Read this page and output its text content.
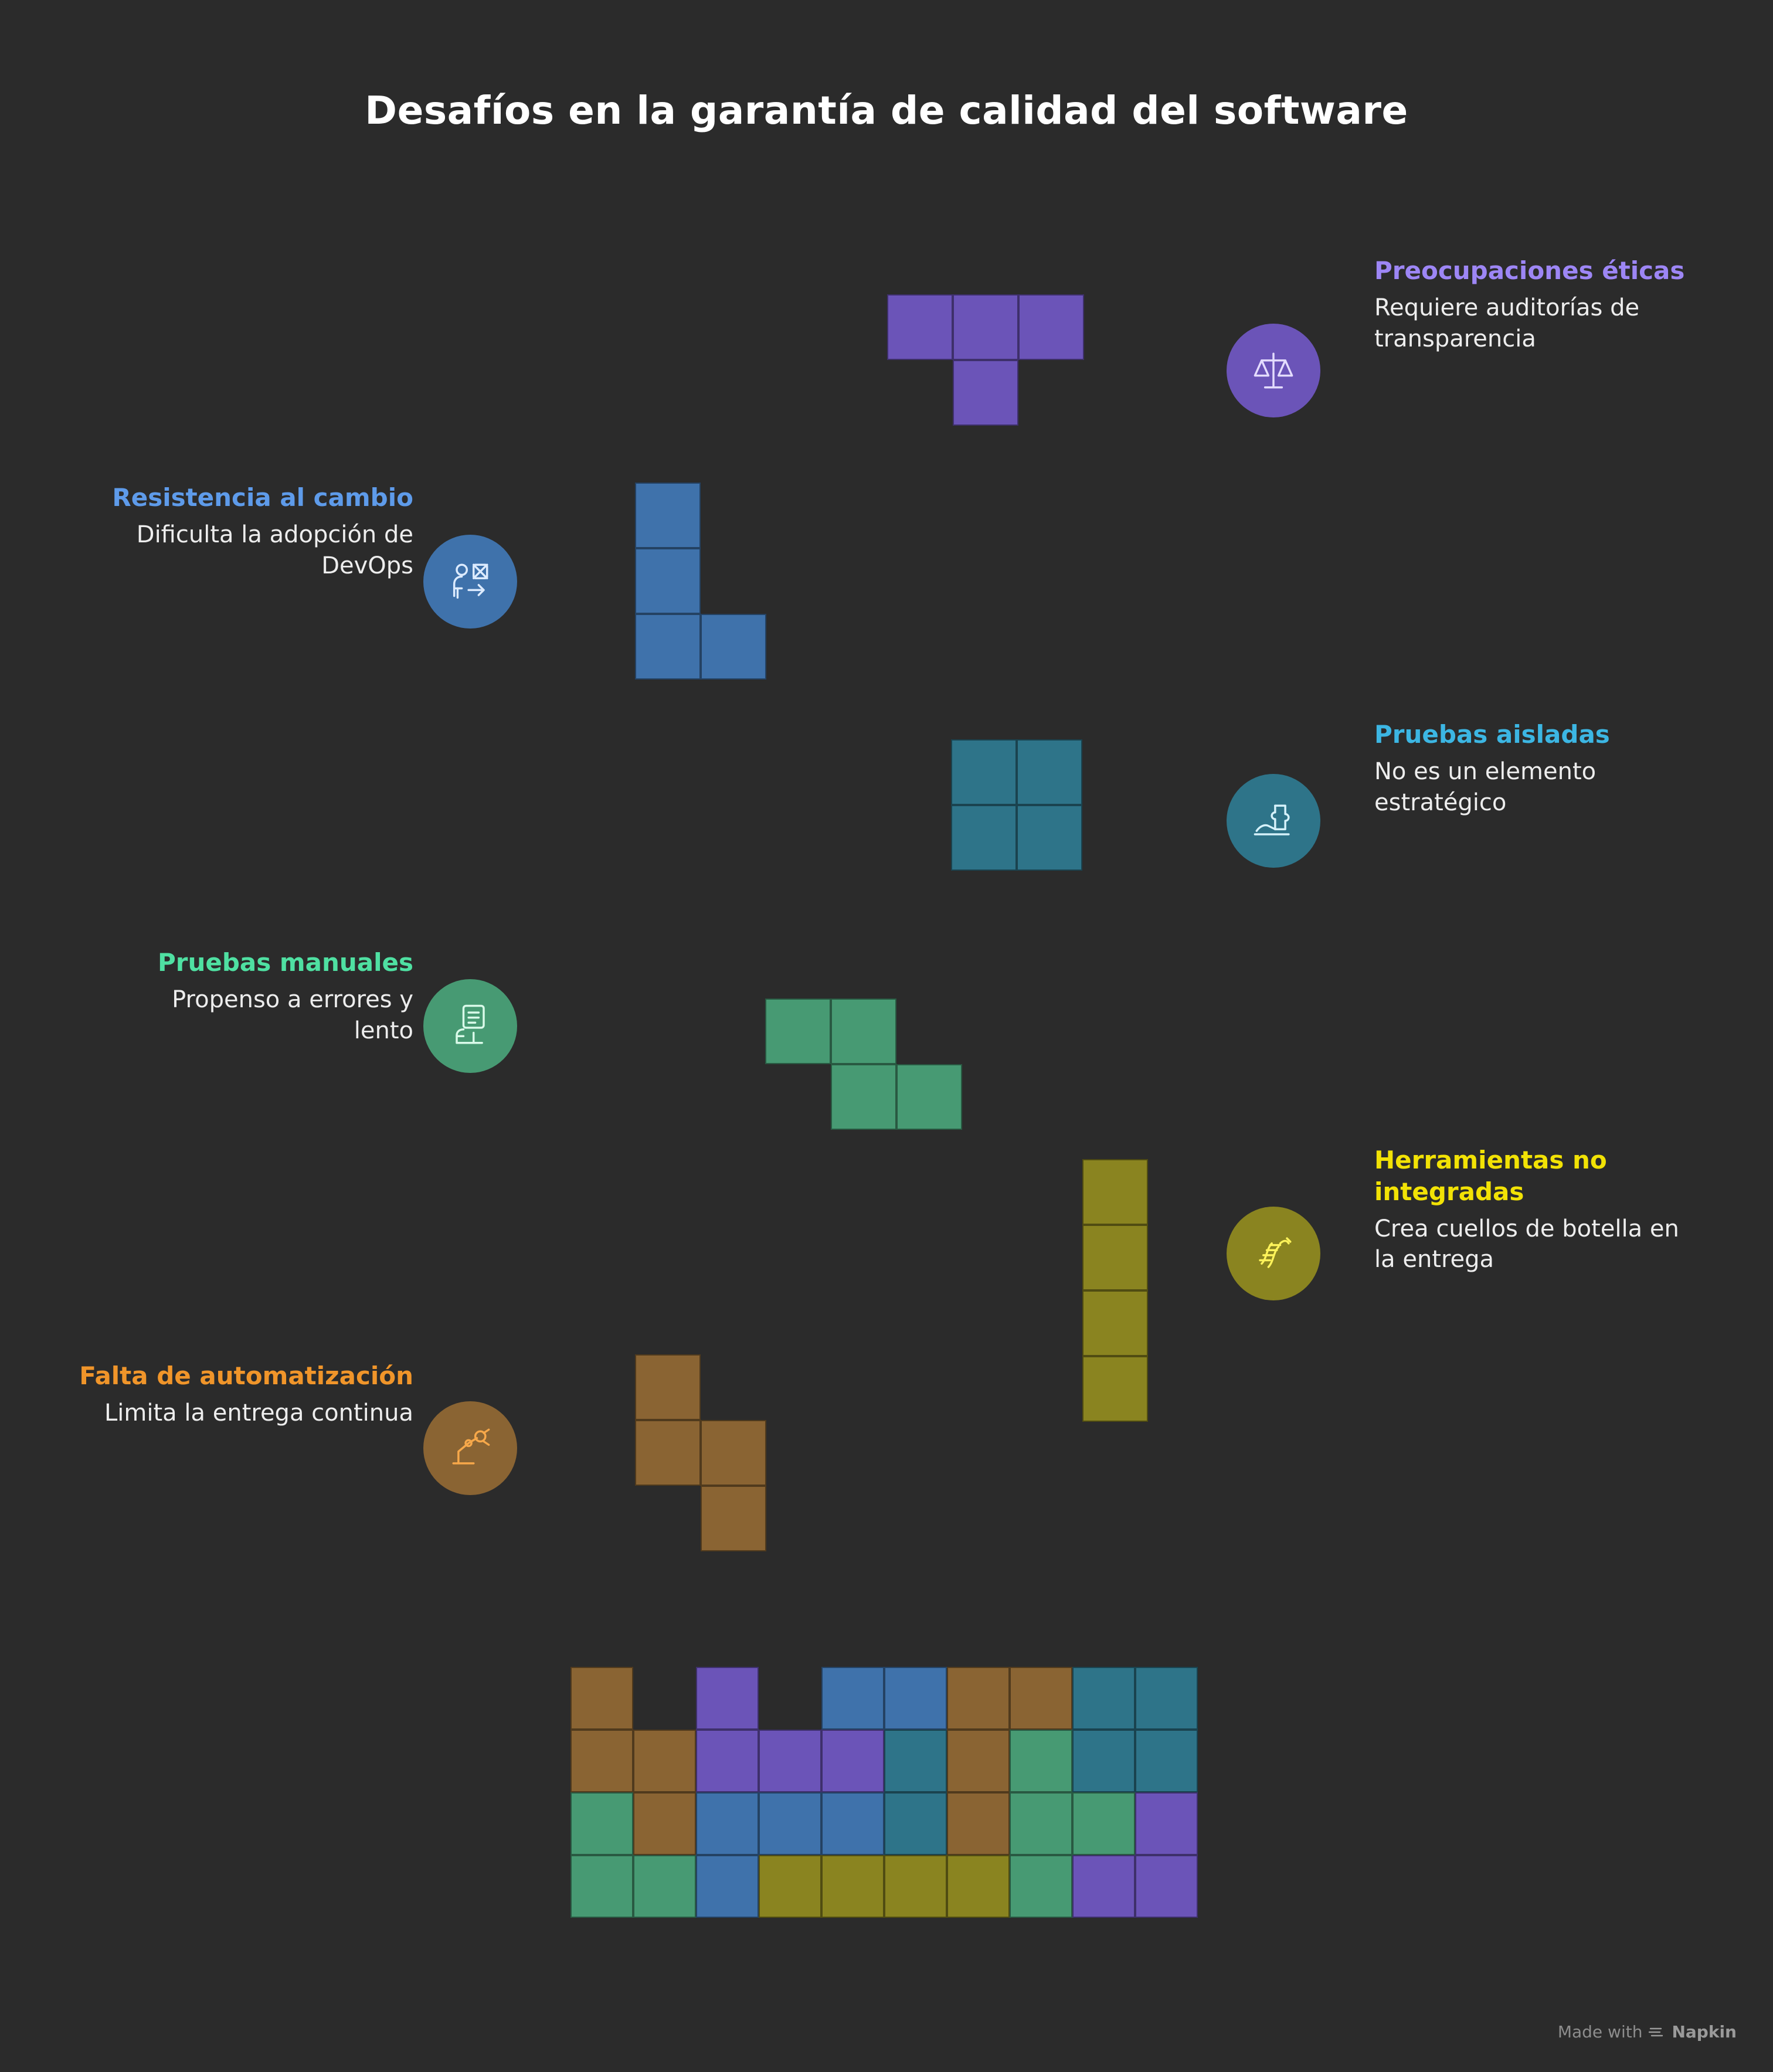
Desafíos en la garantía de calidad del software
Preocupaciones éticas
Requiere auditorías de transparencia
Resistencia al cambio
Dificulta la adopción de DevOps
Pruebas aisladas
No es un elemento estratégico
Pruebas manuales
Propenso a errores y lento
Herramientas no integradas
Crea cuellos de botella en la entrega
Falta de automatización
Limita la entrega continua
Made with Napkin
